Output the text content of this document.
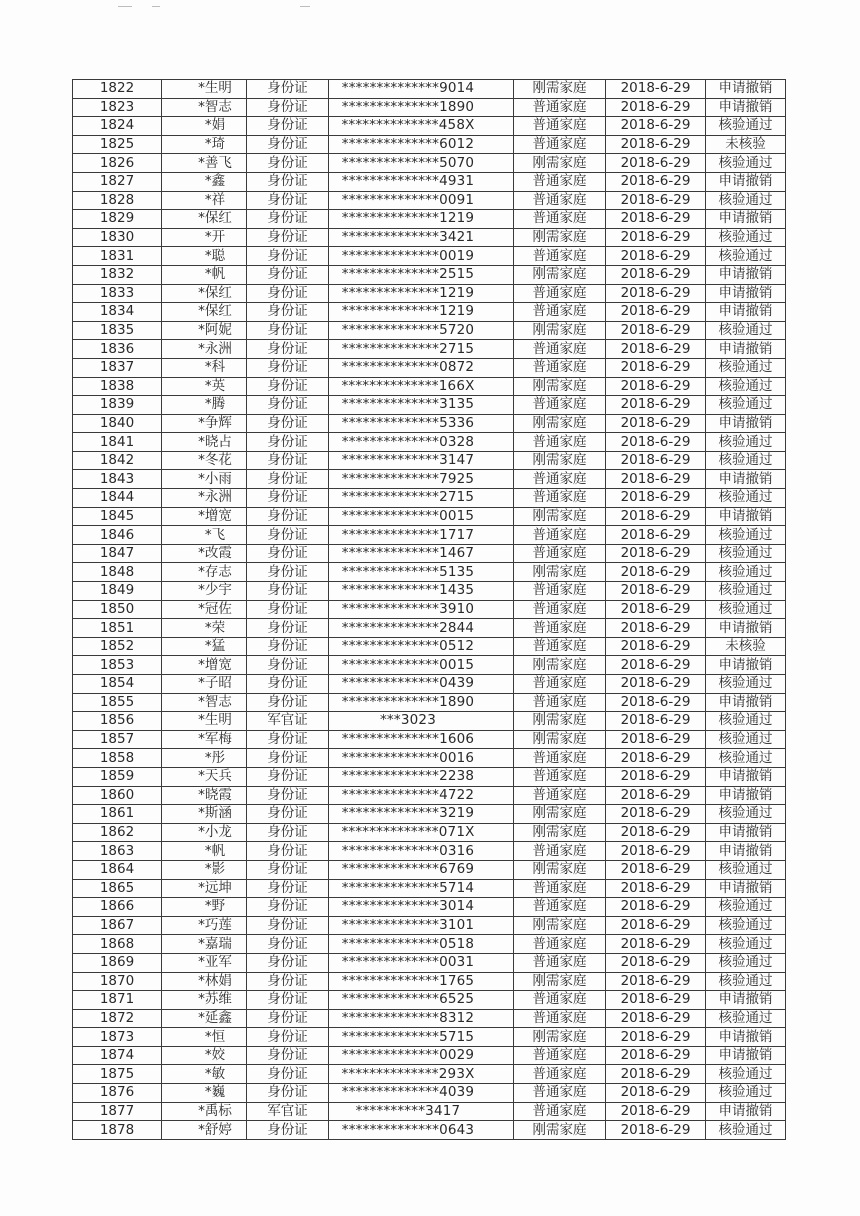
1822	*生明	身份证	**************9014	刚需家庭	2018-6-29	申请撤销
1823	*智志	身份证	**************1890	普通家庭	2018-6-29	申请撤销
1824	*娟	身份证	**************458X	普通家庭	2018-6-29	核验通过
1825	*琦	身份证	**************6012	普通家庭	2018-6-29	未核验
1826	*善飞	身份证	**************5070	刚需家庭	2018-6-29	核验通过
1827	*鑫	身份证	**************4931	普通家庭	2018-6-29	申请撤销
1828	*祥	身份证	**************0091	普通家庭	2018-6-29	核验通过
1829	*保红	身份证	**************1219	普通家庭	2018-6-29	申请撤销
1830	*开	身份证	**************3421	刚需家庭	2018-6-29	核验通过
1831	*聪	身份证	**************0019	普通家庭	2018-6-29	核验通过
1832	*帆	身份证	**************2515	刚需家庭	2018-6-29	申请撤销
1833	*保红	身份证	**************1219	普通家庭	2018-6-29	申请撤销
1834	*保红	身份证	**************1219	普通家庭	2018-6-29	申请撤销
1835	*阿妮	身份证	**************5720	刚需家庭	2018-6-29	核验通过
1836	*永洲	身份证	**************2715	普通家庭	2018-6-29	申请撤销
1837	*科	身份证	**************0872	普通家庭	2018-6-29	核验通过
1838	*英	身份证	**************166X	刚需家庭	2018-6-29	核验通过
1839	*腾	身份证	**************3135	普通家庭	2018-6-29	核验通过
1840	*争辉	身份证	**************5336	刚需家庭	2018-6-29	申请撤销
1841	*晓占	身份证	**************0328	普通家庭	2018-6-29	核验通过
1842	*冬花	身份证	**************3147	刚需家庭	2018-6-29	核验通过
1843	*小雨	身份证	**************7925	普通家庭	2018-6-29	申请撤销
1844	*永洲	身份证	**************2715	普通家庭	2018-6-29	核验通过
1845	*增宽	身份证	**************0015	刚需家庭	2018-6-29	申请撤销
1846	*飞	身份证	**************1717	普通家庭	2018-6-29	核验通过
1847	*改霞	身份证	**************1467	普通家庭	2018-6-29	核验通过
1848	*存志	身份证	**************5135	刚需家庭	2018-6-29	核验通过
1849	*少宇	身份证	**************1435	普通家庭	2018-6-29	核验通过
1850	*冠佐	身份证	**************3910	普通家庭	2018-6-29	核验通过
1851	*荣	身份证	**************2844	普通家庭	2018-6-29	申请撤销
1852	*猛	身份证	**************0512	普通家庭	2018-6-29	未核验
1853	*增宽	身份证	**************0015	刚需家庭	2018-6-29	申请撤销
1854	*子昭	身份证	**************0439	普通家庭	2018-6-29	核验通过
1855	*智志	身份证	**************1890	普通家庭	2018-6-29	申请撤销
1856	*生明	军官证	***3023	刚需家庭	2018-6-29	核验通过
1857	*军梅	身份证	**************1606	刚需家庭	2018-6-29	核验通过
1858	*彤	身份证	**************0016	普通家庭	2018-6-29	核验通过
1859	*天兵	身份证	**************2238	普通家庭	2018-6-29	申请撤销
1860	*晓霞	身份证	**************4722	普通家庭	2018-6-29	申请撤销
1861	*斯涵	身份证	**************3219	刚需家庭	2018-6-29	核验通过
1862	*小龙	身份证	**************071X	刚需家庭	2018-6-29	申请撤销
1863	*帆	身份证	**************0316	普通家庭	2018-6-29	申请撤销
1864	*影	身份证	**************6769	刚需家庭	2018-6-29	核验通过
1865	*远坤	身份证	**************5714	普通家庭	2018-6-29	申请撤销
1866	*野	身份证	**************3014	普通家庭	2018-6-29	核验通过
1867	*巧莲	身份证	**************3101	刚需家庭	2018-6-29	核验通过
1868	*嘉瑞	身份证	**************0518	普通家庭	2018-6-29	核验通过
1869	*亚军	身份证	**************0031	普通家庭	2018-6-29	核验通过
1870	*林娟	身份证	**************1765	刚需家庭	2018-6-29	核验通过
1871	*苏维	身份证	**************6525	普通家庭	2018-6-29	申请撤销
1872	*延鑫	身份证	**************8312	普通家庭	2018-6-29	核验通过
1873	*恒	身份证	**************5715	刚需家庭	2018-6-29	申请撤销
1874	*姣	身份证	**************0029	普通家庭	2018-6-29	申请撤销
1875	*敏	身份证	**************293X	普通家庭	2018-6-29	核验通过
1876	*巍	身份证	**************4039	普通家庭	2018-6-29	核验通过
1877	*禹标	军官证	**********3417	普通家庭	2018-6-29	申请撤销
1878	*舒婷	身份证	**************0643	刚需家庭	2018-6-29	核验通过
